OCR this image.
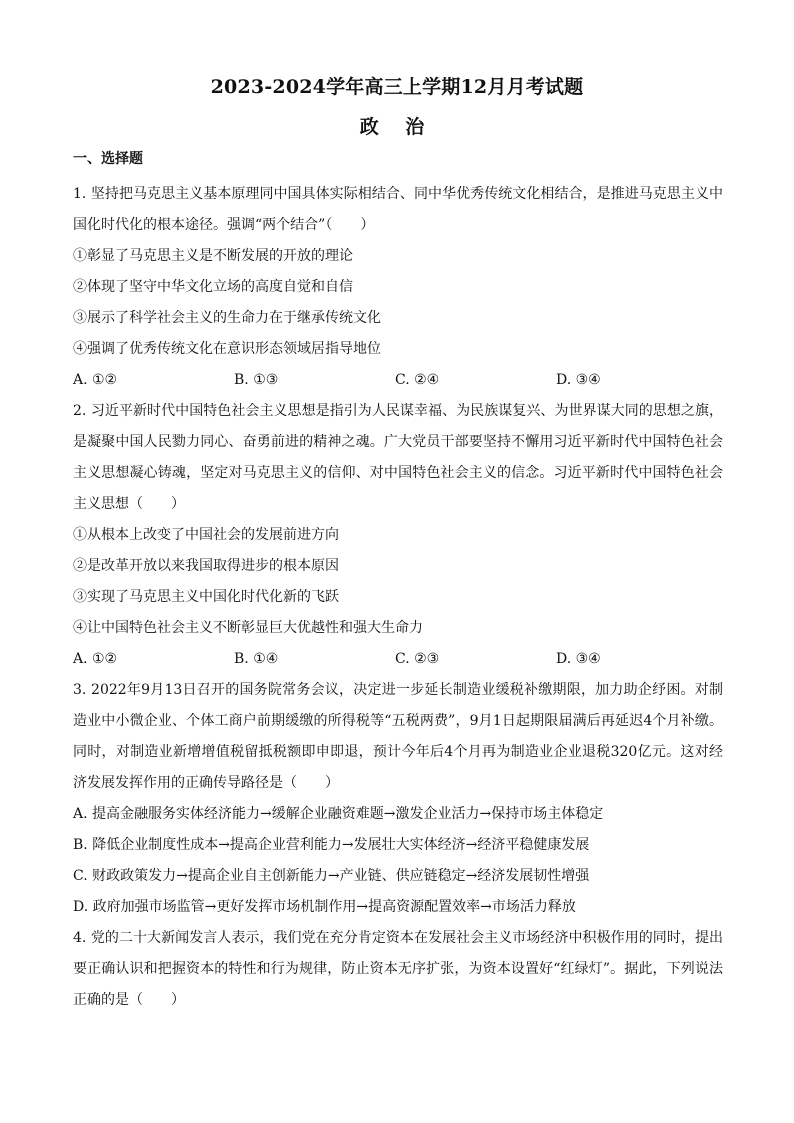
2023-2024学年高三上学期12月月考试题
政 治
一、选择题

1. 坚持把马克思主义基本原理同中国具体实际相结合、同中华优秀传统文化相结合，是推进马克思主义中国化时代化的根本途径。强调“两个结合”（　　）

①彰显了马克思主义是不断发展的开放的理论

②体现了坚守中华文化立场的高度自觉和自信

③展示了科学社会主义的生命力在于继承传统文化

④强调了优秀传统文化在意识形态领域居指导地位

A. ①②	B. ①③	C. ②④	D. ③④

2. 习近平新时代中国特色社会主义思想是指引为人民谋幸福、为民族谋复兴、为世界谋大同的思想之旗，是凝聚中国人民勠力同心、奋勇前进的精神之魂。广大党员干部要坚持不懈用习近平新时代中国特色社会主义思想凝心铸魂，坚定对马克思主义的信仰、对中国特色社会主义的信念。习近平新时代中国特色社会主义思想（　　）

①从根本上改变了中国社会的发展前进方向

②是改革开放以来我国取得进步的根本原因

③实现了马克思主义中国化时代化新的飞跃

④让中国特色社会主义不断彰显巨大优越性和强大生命力

A. ①②	B. ①④	C. ②③	D. ③④

3. 2022年9月13日召开的国务院常务会议，决定进一步延长制造业缓税补缴期限，加力助企纾困。对制造业中小微企业、个体工商户前期缓缴的所得税等“五税两费”，9月1日起期限届满后再延迟4个月补缴。同时，对制造业新增增值税留抵税额即申即退，预计今年后4个月再为制造业企业退税320亿元。这对经济发展发挥作用的正确传导路径是（　　）

A. 提高金融服务实体经济能力→缓解企业融资难题→激发企业活力→保持市场主体稳定

B. 降低企业制度性成本→提高企业营利能力→发展壮大实体经济→经济平稳健康发展

C. 财政政策发力→提高企业自主创新能力→产业链、供应链稳定→经济发展韧性增强

D. 政府加强市场监管→更好发挥市场机制作用→提高资源配置效率→市场活力释放

4. 党的二十大新闻发言人表示，我们党在充分肯定资本在发展社会主义市场经济中积极作用的同时，提出要正确认识和把握资本的特性和行为规律，防止资本无序扩张，为资本设置好“红绿灯”。据此，下列说法正确的是（　　）
